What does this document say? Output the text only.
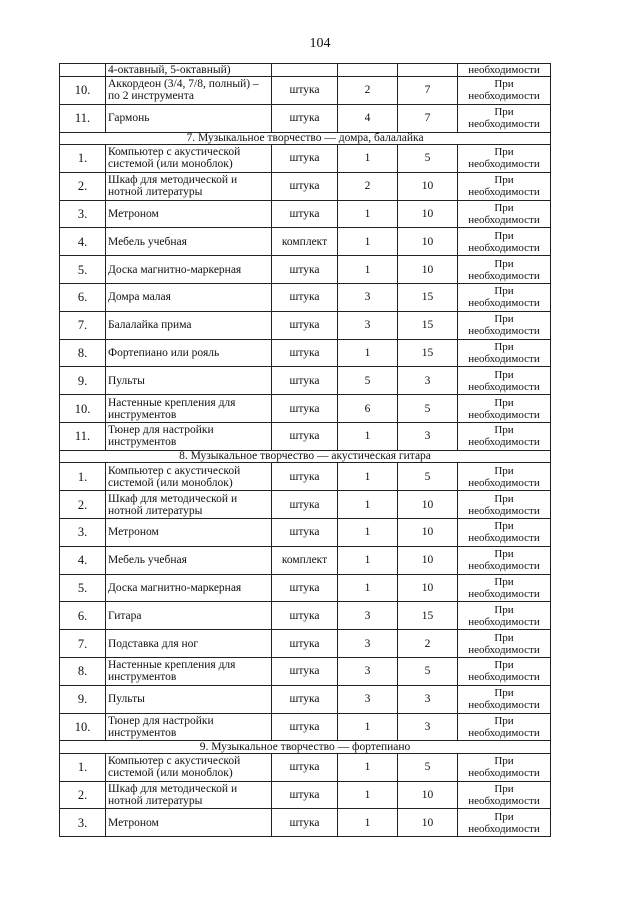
104
	4-октавный, 5-октавный)				необходимости
10.	Аккордеон (3/4, 7/8, полный) – по 2 инструмента	штука	2	7	При необходимости
11.	Гармонь	штука	4	7	При необходимости
7. Музыкальное творчество — домра, балалайка					
1.	Компьютер с акустической системой (или моноблок)	штука	1	5	При необходимости
2.	Шкаф для методической и нотной литературы	штука	2	10	При необходимости
3.	Метроном	штука	1	10	При необходимости
4.	Мебель учебная	комплект	1	10	При необходимости
5.	Доска магнитно-маркерная	штука	1	10	При необходимости
6.	Домра малая	штука	3	15	При необходимости
7.	Балалайка прима	штука	3	15	При необходимости
8.	Фортепиано или рояль	штука	1	15	При необходимости
9.	Пульты	штука	5	3	При необходимости
10.	Настенные крепления для инструментов	штука	6	5	При необходимости
11.	Тюнер для настройки инструментов	штука	1	3	При необходимости
8. Музыкальное творчество — акустическая гитара					
1.	Компьютер с акустической системой (или моноблок)	штука	1	5	При необходимости
2.	Шкаф для методической и нотной литературы	штука	1	10	При необходимости
3.	Метроном	штука	1	10	При необходимости
4.	Мебель учебная	комплект	1	10	При необходимости
5.	Доска магнитно-маркерная	штука	1	10	При необходимости
6.	Гитара	штука	3	15	При необходимости
7.	Подставка для ног	штука	3	2	При необходимости
8.	Настенные крепления для инструментов	штука	3	5	При необходимости
9.	Пульты	штука	3	3	При необходимости
10.	Тюнер для настройки инструментов	штука	1	3	При необходимости
9. Музыкальное творчество — фортепиано					
1.	Компьютер с акустической системой (или моноблок)	штука	1	5	При необходимости
2.	Шкаф для методической и нотной литературы	штука	1	10	При необходимости
3.	Метроном	штука	1	10	При необходимости
